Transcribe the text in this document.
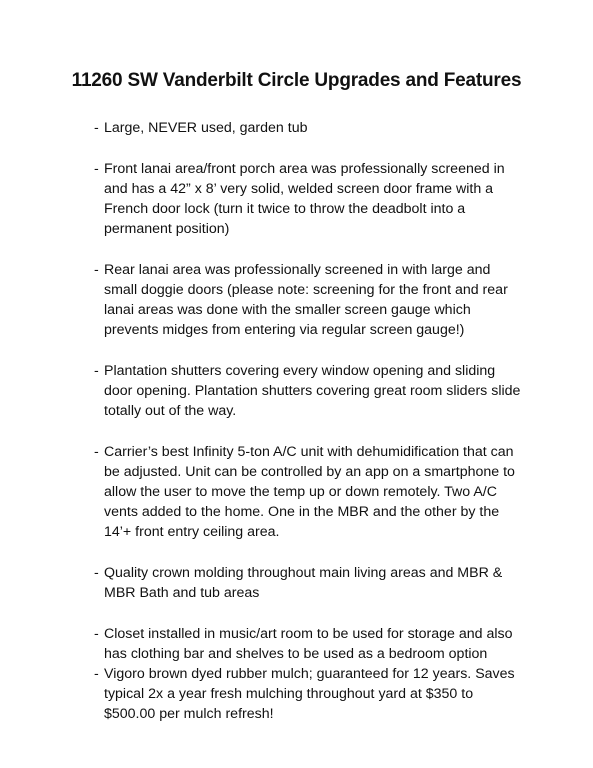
11260 SW Vanderbilt Circle Upgrades and Features
- Large, NEVER used, garden tub
- Front lanai area/front porch area was professionally screened in and has a 42” x 8’ very solid, welded screen door frame with a French door lock (turn it twice to throw the deadbolt into a permanent position)
- Rear lanai area was professionally screened in with large and small doggie doors (please note: screening for the front and rear lanai areas was done with the smaller screen gauge which prevents midges from entering via regular screen gauge!)
- Plantation shutters covering every window opening and sliding door opening. Plantation shutters covering great room sliders slide totally out of the way.
- Carrier’s best Infinity 5-ton A/C unit with dehumidification that can be adjusted. Unit can be controlled by an app on a smartphone to allow the user to move the temp up or down remotely. Two A/C vents added to the home. One in the MBR and the other by the 14’+ front entry ceiling area.
- Quality crown molding throughout main living areas and MBR & MBR Bath and tub areas
- Closet installed in music/art room to be used for storage and also has clothing bar and shelves to be used as a bedroom option
- Vigoro brown dyed rubber mulch; guaranteed for 12 years. Saves typical 2x a year fresh mulching throughout yard at $350 to $500.00 per mulch refresh!
